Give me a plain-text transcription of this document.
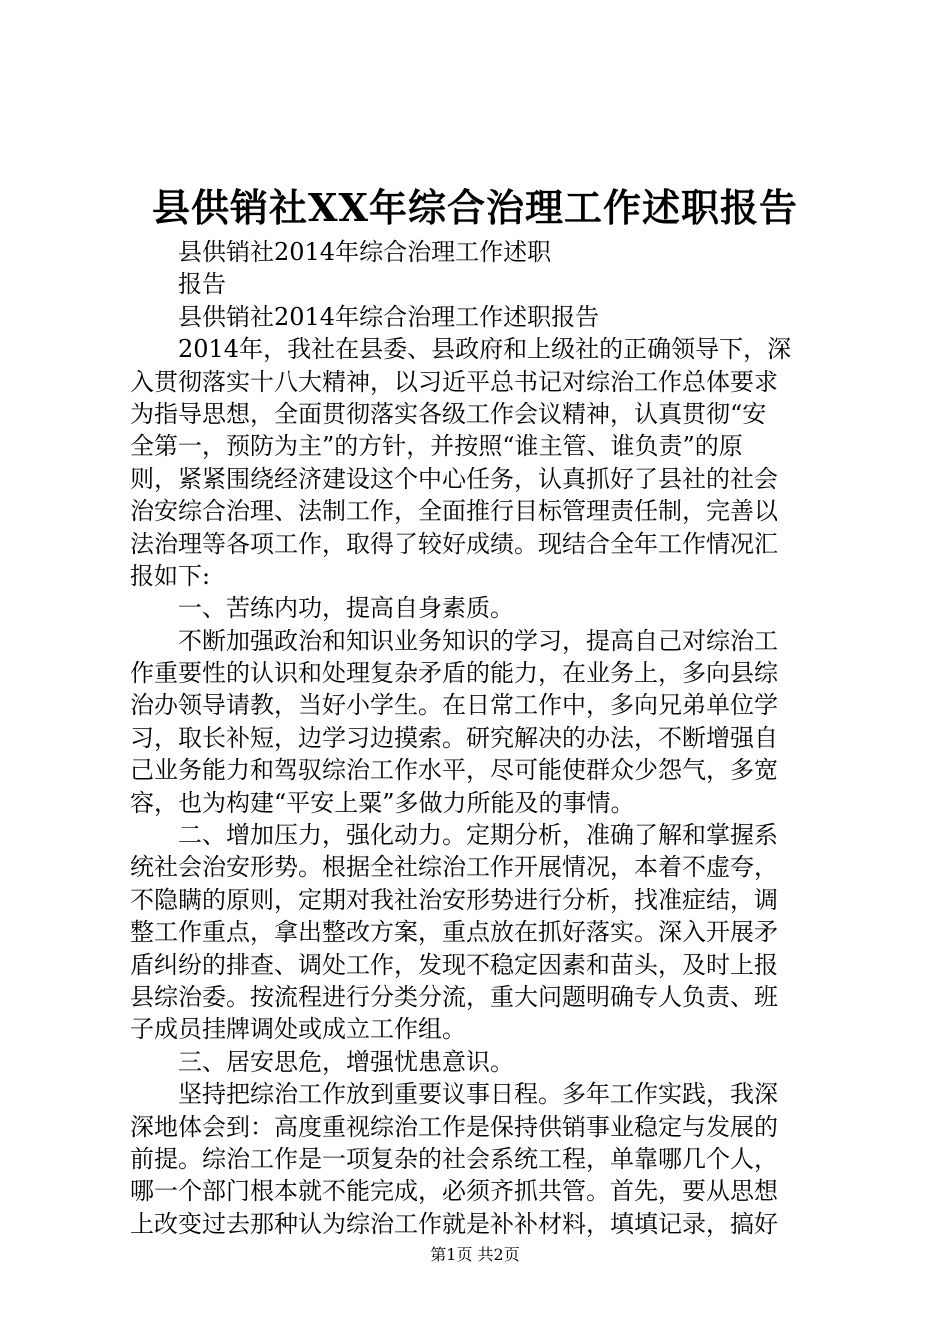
县供销社XX年综合治理工作述职报告
县供销社2014年综合治理工作述职
报告
县供销社2014年综合治理工作述职报告
2014年，我社在县委、县政府和上级社的正确领导下，深
入贯彻落实十八大精神，以习近平总书记对综治工作总体要求
为指导思想，全面贯彻落实各级工作会议精神，认真贯彻“安
全第一，预防为主”的方针，并按照“谁主管、谁负责”的原
则，紧紧围绕经济建设这个中心任务，认真抓好了县社的社会
治安综合治理、法制工作，全面推行目标管理责任制，完善以
法治理等各项工作，取得了较好成绩。现结合全年工作情况汇
报如下:
一、苦练内功，提高自身素质。
不断加强政治和知识业务知识的学习，提高自己对综治工
作重要性的认识和处理复杂矛盾的能力，在业务上，多向县综
治办领导请教，当好小学生。在日常工作中，多向兄弟单位学
习，取长补短，边学习边摸索。研究解决的办法，不断增强自
己业务能力和驾驭综治工作水平，尽可能使群众少怨气，多宽
容，也为构建“平安上粟”多做力所能及的事情。
二、增加压力，强化动力。定期分析，准确了解和掌握系
统社会治安形势。根据全社综治工作开展情况，本着不虚夸，
不隐瞒的原则，定期对我社治安形势进行分析，找准症结，调
整工作重点，拿出整改方案，重点放在抓好落实。深入开展矛
盾纠纷的排查、调处工作，发现不稳定因素和苗头，及时上报
县综治委。按流程进行分类分流，重大问题明确专人负责、班
子成员挂牌调处或成立工作组。
三、居安思危，增强忧患意识。
坚持把综治工作放到重要议事日程。多年工作实践，我深
深地体会到：高度重视综治工作是保持供销事业稳定与发展的
前提。综治工作是一项复杂的社会系统工程，单靠哪几个人，
哪一个部门根本就不能完成，必须齐抓共管。首先，要从思想
上改变过去那种认为综治工作就是补补材料，填填记录，搞好
第1页 共2页
